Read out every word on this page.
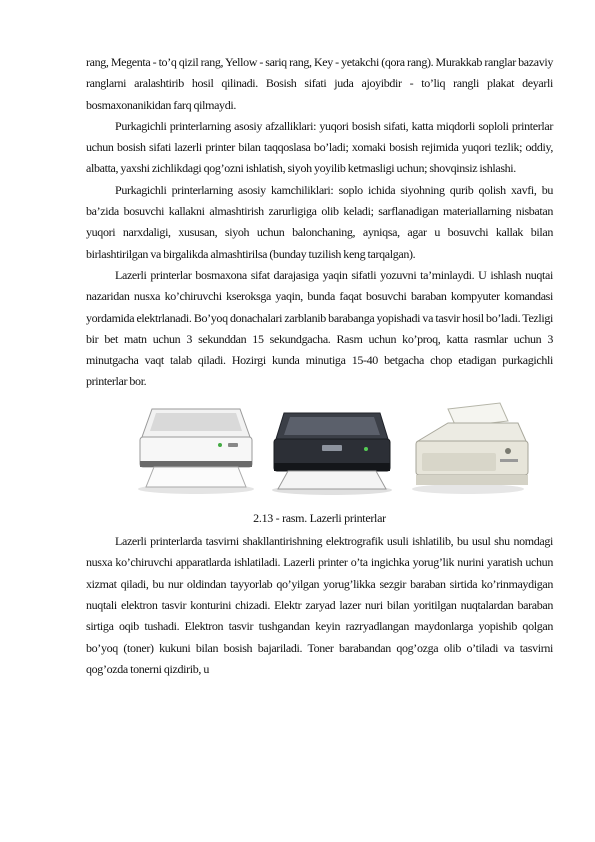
rang, Megenta - to’q qizil rang, Yellow - sariq rang, Key - yetakchi (qora rang). Murakkab ranglar bazaviy ranglarni aralashtirib hosil qilinadi. Bosish sifati juda ajoyibdir - to’liq rangli plakat deyarli bosmaxonanikidan farq qilmaydi.

Purkagichli printerlarning asosiy afzalliklari: yuqori bosish sifati, katta miqdorli soploli printerlar uchun bosish sifati lazerli printer bilan taqqoslasa bo’ladi; xomaki bosish rejimida yuqori tezlik; oddiy, albatta, yaxshi zichlikdagi qog’ozni ishlatish, siyoh yoyilib ketmasligi uchun; shovqinsiz ishlashi.

Purkagichli printerlarning asosiy kamchiliklari: soplo ichida siyohning qurib qolish xavfi, bu ba’zida bosuvchi kallakni almashtirish zarurligiga olib keladi; sarflanadigan materiallarning nisbatan yuqori narxdaligi, xususan, siyoh uchun balonchaning, ayniqsa, agar u bosuvchi kallak bilan birlashtirilgan va birgalikda almashtirilsa (bunday tuzilish keng tarqalgan).

Lazerli printerlar bosmaxona sifat darajasiga yaqin sifatli yozuvni ta’minlaydi. U ishlash nuqtai nazaridan nusxa ko’chiruvchi kseroksga yaqin, bunda faqat bosuvchi baraban kompyuter komandasi yordamida elektrlanadi. Bo’yoq donachalari zarblanib barabanga yopishadi va tasvir hosil bo’ladi. Tezligi bir bet matn uchun 3 sekunddan 15 sekundgacha. Rasm uchun ko’proq, katta rasmlar uchun 3 minutgacha vaqt talab qiladi. Hozirgi kunda minutiga 15-40 betgacha chop etadigan purkagichli printerlar bor.

2.13 - rasm. Lazerli printerlar

Lazerli printerlarda tasvirni shakllantirishning elektrografik usuli ishlatilib, bu usul shu nomdagi nusxa ko’chiruvchi apparatlarda ishlatiladi. Lazerli printer o’ta ingichka yorug’lik nurini yaratish uchun xizmat qiladi, bu nur oldindan tayyorlab qo’yilgan yorug’likka sezgir baraban sirtida ko’rinmaydigan nuqtali elektron tasvir konturini chizadi. Elektr zaryad lazer nuri bilan yoritilgan nuqtalardan baraban sirtiga oqib tushadi. Elektron tasvir tushgandan keyin razryadlangan maydonlarga yopishib qolgan bo’yoq (toner) kukuni bilan bosish bajariladi. Toner barabandan qog’ozga olib o’tiladi va tasvirni qog’ozda tonerni qizdirib, u
